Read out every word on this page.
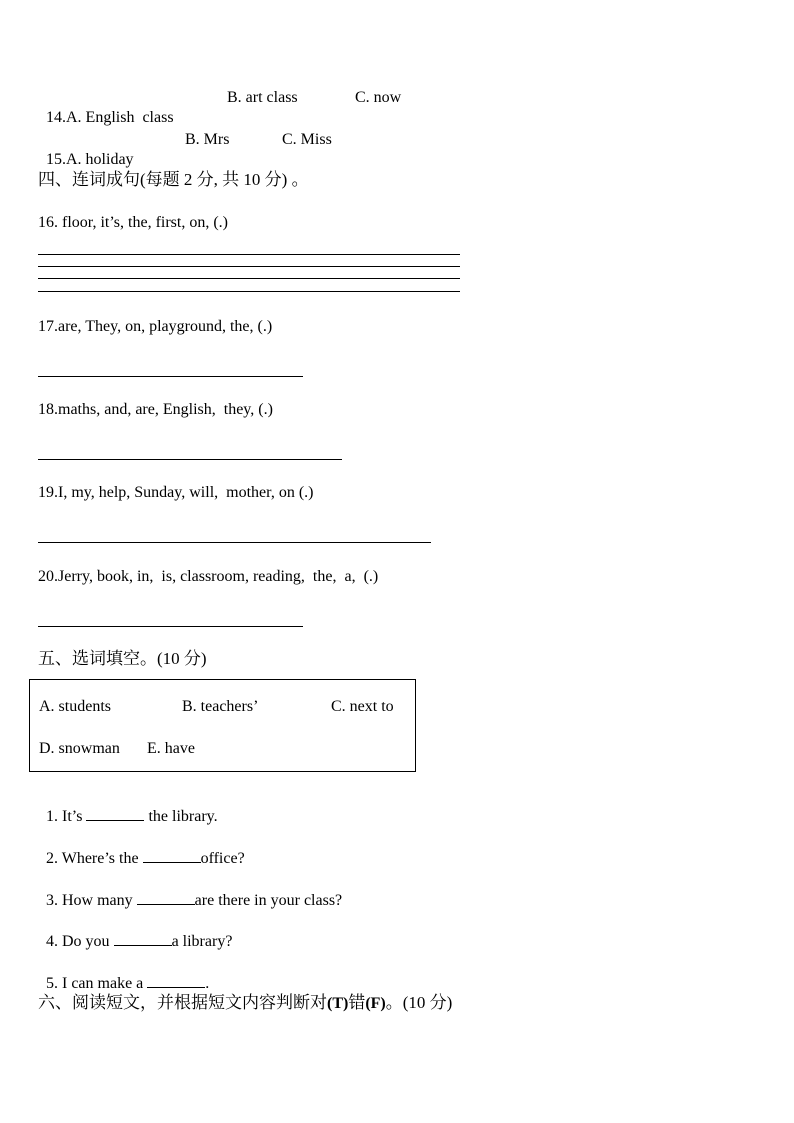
14.A. English  class

B. art class	C. now

15.A. holiday

B. Mrs	C. Miss
四、连词成句(每题 2 分, 共 10 分) 。
16. floor, it’s, the, first, on, (.)
17.are, They, on, playground, the, (.)
18.maths, and, are, English,  they, (.)
19.I, my, help, Sunday, will,  mother, on (.)
20.Jerry, book, in,  is, classroom, reading,  the,  a,  (.)
五、选词填空。(10 分)
A. students	B. teachers’	C. next to
D. snowman E. have

1. It’s	the library.

2. Where’s the	office?

3. How many	are there in your class?

4. Do you	a library?

5. I can make a	.

六、阅读短文，并根据短文内容判断对(T)错(F)。(10 分)
